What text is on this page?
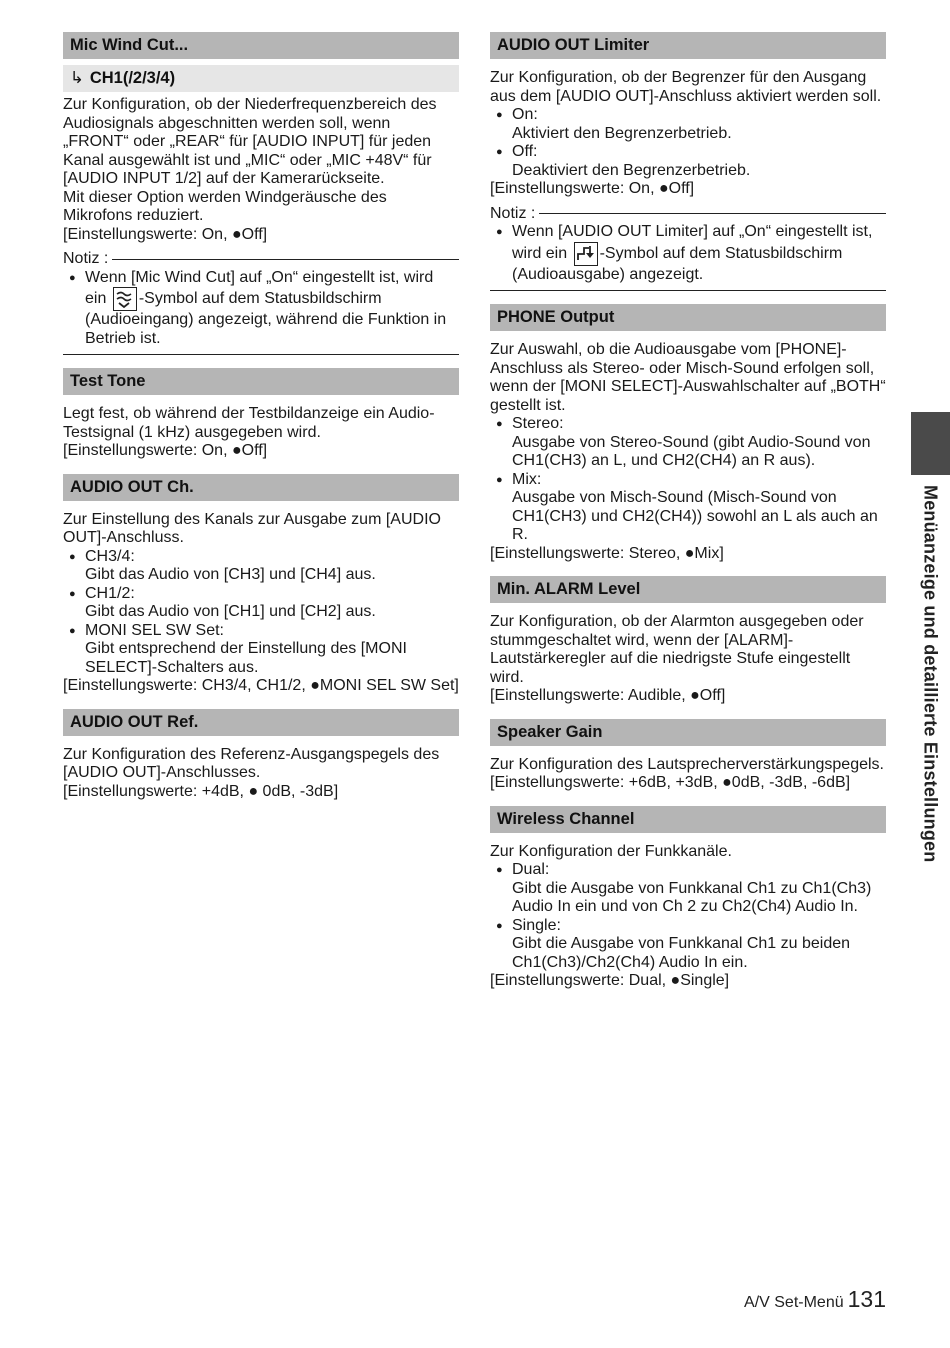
Mic Wind Cut...
↳ CH1(/2/3/4)

Zur Konfiguration, ob der Niederfrequenzbereich des Audiosignals abgeschnitten werden soll, wenn „FRONT“ oder „REAR“ für [AUDIO INPUT] für jeden Kanal ausgewählt ist und „MIC“ oder „MIC +48V“ für [AUDIO INPUT 1/2] auf der Kamerarückseite.

Mit dieser Option werden Windgeräusche des Mikrofons reduziert.

[Einstellungswerte: On, ●Off]

Notiz :
● Wenn [Mic Wind Cut] auf „On“ eingestellt ist, wird ein -Symbol auf dem Statusbildschirm (Audioeingang) angezeigt, während die Funktion in Betrieb ist.
Test Tone

Legt fest, ob während der Testbildanzeige ein Audio-Testsignal (1 kHz) ausgegeben wird.

[Einstellungswerte: On, ●Off]

AUDIO OUT Ch.

Zur Einstellung des Kanals zur Ausgabe zum [AUDIO OUT]-Anschluss.

● CH3/4:
Gibt das Audio von [CH3] und [CH4] aus.
● CH1/2:
Gibt das Audio von [CH1] und [CH2] aus.
● MONI SEL SW Set:
Gibt entsprechend der Einstellung des [MONI SELECT]-Schalters aus.

[Einstellungswerte: CH3/4, CH1/2, ●MONI SEL SW Set]

AUDIO OUT Ref.

Zur Konfiguration des Referenz-Ausgangspegels des [AUDIO OUT]-Anschlusses.

[Einstellungswerte: +4dB, ● 0dB, -3dB]

AUDIO OUT Limiter

Zur Konfiguration, ob der Begrenzer für den Ausgang aus dem [AUDIO OUT]-Anschluss aktiviert werden soll.

● On:
Aktiviert den Begrenzerbetrieb.
● Off:
Deaktiviert den Begrenzerbetrieb.

[Einstellungswerte: On, ●Off]

Notiz :
● Wenn [AUDIO OUT Limiter] auf „On“ eingestellt ist, wird ein -Symbol auf dem Statusbildschirm (Audioausgabe) angezeigt.
PHONE Output

Zur Auswahl, ob die Audioausgabe vom [PHONE]-Anschluss als Stereo- oder Misch-Sound erfolgen soll, wenn der [MONI SELECT]-Auswahlschalter auf „BOTH“ gestellt ist.

● Stereo:
Ausgabe von Stereo-Sound (gibt Audio-Sound von CH1(CH3) an L, und CH2(CH4) an R aus).
● Mix:
Ausgabe von Misch-Sound (Misch-Sound von CH1(CH3) und CH2(CH4)) sowohl an L als auch an R.

[Einstellungswerte: Stereo, ●Mix]

Min. ALARM Level

Zur Konfiguration, ob der Alarmton ausgegeben oder stummgeschaltet wird, wenn der [ALARM]-Lautstärkeregler auf die niedrigste Stufe eingestellt wird.

[Einstellungswerte: Audible, ●Off]

Speaker Gain

Zur Konfiguration des Lautsprecherverstärkungspegels.

[Einstellungswerte: +6dB, +3dB, ●0dB, -3dB, -6dB]

Wireless Channel

Zur Konfiguration der Funkkanäle.

● Dual:
Gibt die Ausgabe von Funkkanal Ch1 zu Ch1(Ch3) Audio In ein und von Ch 2 zu Ch2(Ch4) Audio In.
● Single:
Gibt die Ausgabe von Funkkanal Ch1 zu beiden Ch1(Ch3)/Ch2(Ch4) Audio In ein.

[Einstellungswerte: Dual, ●Single]

Menüanzeige und detaillierte Einstellungen
A/V Set-Menü 131
